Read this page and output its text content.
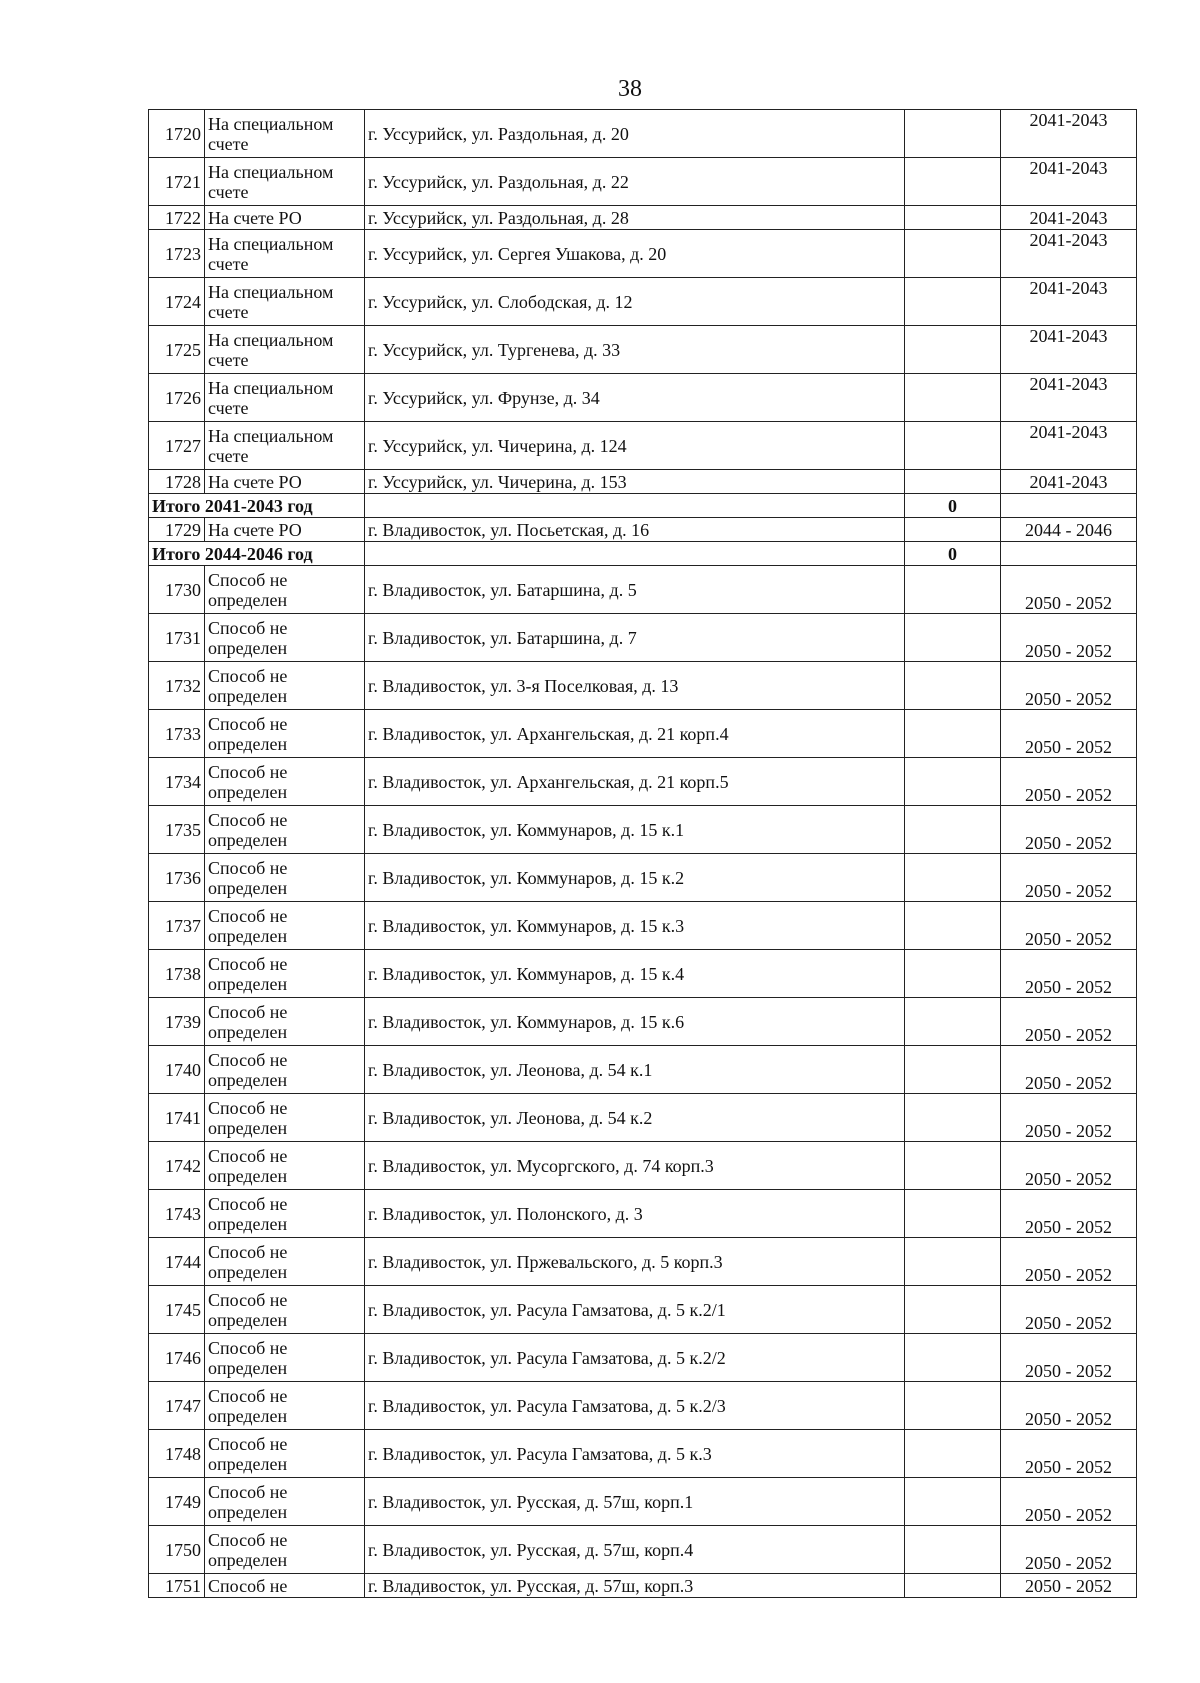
38
1720	На специальном
счете	г. Уссурийск, ул. Раздольная, д. 20		2041-2043
1721	На специальном
счете	г. Уссурийск, ул. Раздольная, д. 22		2041-2043
1722	На счете РО	г. Уссурийск, ул. Раздольная, д. 28		2041-2043
1723	На специальном
счете	г. Уссурийск, ул. Сергея Ушакова, д. 20		2041-2043
1724	На специальном
счете	г. Уссурийск, ул. Слободская, д. 12		2041-2043
1725	На специальном
счете	г. Уссурийск, ул. Тургенева, д. 33		2041-2043
1726	На специальном
счете	г. Уссурийск, ул. Фрунзе, д. 34		2041-2043
1727	На специальном
счете	г. Уссурийск, ул. Чичерина, д. 124		2041-2043
1728	На счете РО	г. Уссурийск, ул. Чичерина, д. 153		2041-2043
Итого 2041-2043 год			0	
1729	На счете РО	г. Владивосток, ул. Посьетская, д. 16		2044 - 2046
Итого 2044-2046 год			0	
1730	Способ не
определен	г. Владивосток, ул. Батаршина, д. 5		2050 - 2052
1731	Способ не
определен	г. Владивосток, ул. Батаршина, д. 7		2050 - 2052
1732	Способ не
определен	г. Владивосток, ул. 3-я Поселковая, д. 13		2050 - 2052
1733	Способ не
определен	г. Владивосток, ул. Архангельская, д. 21 корп.4		2050 - 2052
1734	Способ не
определен	г. Владивосток, ул. Архангельская, д. 21 корп.5		2050 - 2052
1735	Способ не
определен	г. Владивосток, ул. Коммунаров, д. 15 к.1		2050 - 2052
1736	Способ не
определен	г. Владивосток, ул. Коммунаров, д. 15 к.2		2050 - 2052
1737	Способ не
определен	г. Владивосток, ул. Коммунаров, д. 15 к.3		2050 - 2052
1738	Способ не
определен	г. Владивосток, ул. Коммунаров, д. 15 к.4		2050 - 2052
1739	Способ не
определен	г. Владивосток, ул. Коммунаров, д. 15 к.6		2050 - 2052
1740	Способ не
определен	г. Владивосток, ул. Леонова, д. 54 к.1		2050 - 2052
1741	Способ не
определен	г. Владивосток, ул. Леонова, д. 54 к.2		2050 - 2052
1742	Способ не
определен	г. Владивосток, ул. Мусоргского, д. 74 корп.3		2050 - 2052
1743	Способ не
определен	г. Владивосток, ул. Полонского, д. 3		2050 - 2052
1744	Способ не
определен	г. Владивосток, ул. Пржевальского, д. 5 корп.3		2050 - 2052
1745	Способ не
определен	г. Владивосток, ул. Расула Гамзатова, д. 5 к.2/1		2050 - 2052
1746	Способ не
определен	г. Владивосток, ул. Расула Гамзатова, д. 5 к.2/2		2050 - 2052
1747	Способ не
определен	г. Владивосток, ул. Расула Гамзатова, д. 5 к.2/3		2050 - 2052
1748	Способ не
определен	г. Владивосток, ул. Расула Гамзатова, д. 5 к.3		2050 - 2052
1749	Способ не
определен	г. Владивосток, ул. Русская, д. 57ш, корп.1		2050 - 2052
1750	Способ не
определен	г. Владивосток, ул. Русская, д. 57ш, корп.4		2050 - 2052
1751	Способ не	г. Владивосток, ул. Русская, д. 57ш, корп.3		2050 - 2052
